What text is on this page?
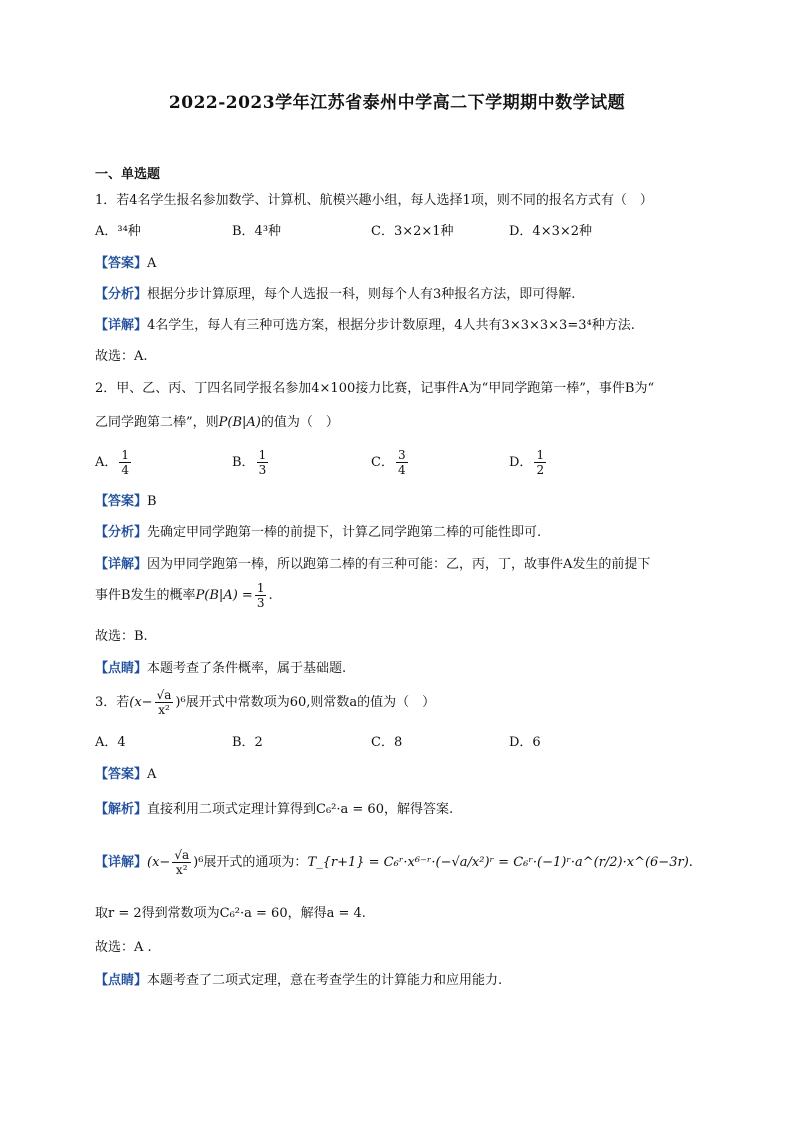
2022-2023学年江苏省泰州中学高二下学期期中数学试题
一、单选题
1．若4名学生报名参加数学、计算机、航模兴趣小组，每人选择1项，则不同的报名方式有（　）
A．³⁴种	B．4³种	C．3×2×1种	D．4×3×2种
【答案】A
【分析】根据分步计算原理，每个人选报一科，则每个人有3种报名方法，即可得解.
【详解】4名学生，每人有三种可选方案，根据分步计数原理，4人共有3×3×3×3=3⁴种方法.
故选：A.
2．甲、乙、丙、丁四名同学报名参加4×100接力比赛，记事件A为“甲同学跑第一棒”，事件B为“
乙同学跑第二棒”，则P(B|A)的值为（　）
A． $\frac{1}{4}$	B． $\frac{1}{3}$	C． $\frac{3}{4}$	D． $\frac{1}{2}$
【答案】B
【分析】先确定甲同学跑第一棒的前提下，计算乙同学跑第二棒的可能性即可.
【详解】因为甲同学跑第一棒，所以跑第二棒的有三种可能：乙，丙，丁，故事件A发生的前提下
事件B发生的概率$P(B|A) = \frac{1}{3}$ .
故选：B.
【点睛】本题考查了条件概率，属于基础题.
3．若$(x- \frac{√a}{\text{x²}} )^6$展开式中常数项为60,则常数a的值为（　）
A．4	B．2	C．8	D．6
【答案】A
【解析】直接利用二项式定理计算得到C₆²·a = 60，解得答案.
【详解】$(x- \frac{√a}{\text{x²}} )^6$展开式的通项为：T_{r+1} = C₆ʳ·x⁶⁻ʳ·(−√a/x²)ʳ = C₆ʳ·(−1)ʳ·a^(r/2)·x^(6−3r).
取r = 2得到常数项为C₆²·a = 60，解得a = 4.
故选：A .
【点睛】本题考查了二项式定理，意在考查学生的计算能力和应用能力.
